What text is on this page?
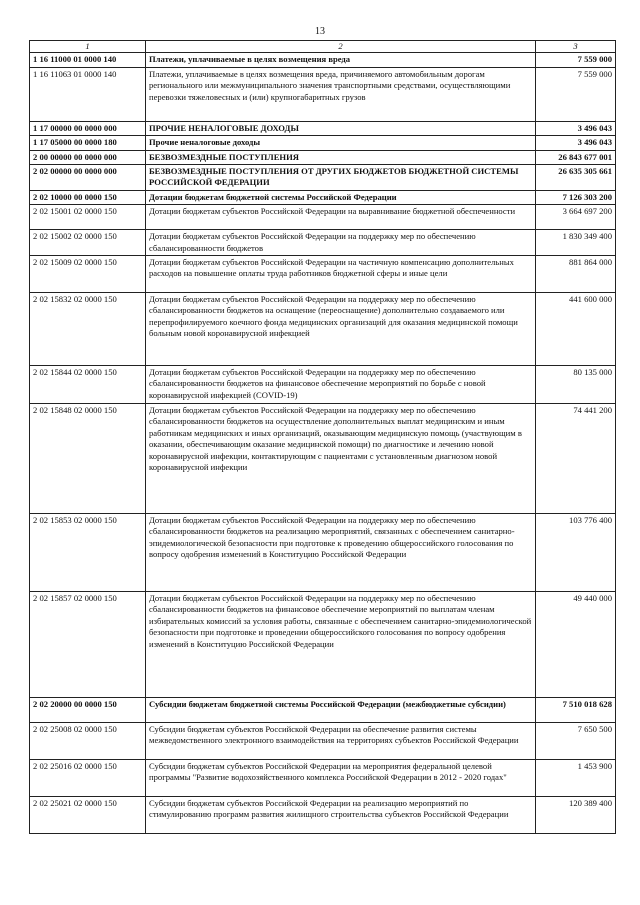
13
1	2	3
1 16 11000 01 0000 140	Платежи, уплачиваемые в целях возмещения вреда	7 559 000
1 16 11063 01 0000 140	Платежи, уплачиваемые в целях возмещения вреда, причиняемого автомобильным дорогам регионального или межмуниципального значения транспортными средствами, осуществляющими перевозки тяжеловесных и (или) крупногабаритных грузов	7 559 000
1 17 00000 00 0000 000	ПРОЧИЕ НЕНАЛОГОВЫЕ ДОХОДЫ	3 496 043
1 17 05000 00 0000 180	Прочие неналоговые доходы	3 496 043
2 00 00000 00 0000 000	БЕЗВОЗМЕЗДНЫЕ ПОСТУПЛЕНИЯ	26 843 677 001
2 02 00000 00 0000 000	БЕЗВОЗМЕЗДНЫЕ ПОСТУПЛЕНИЯ ОТ ДРУГИХ БЮДЖЕТОВ БЮДЖЕТНОЙ СИСТЕМЫ РОССИЙСКОЙ ФЕДЕРАЦИИ	26 635 305 661
2 02 10000 00 0000 150	Дотации бюджетам бюджетной системы Российской Федерации	7 126 303 200
2 02 15001 02 0000 150	Дотации бюджетам субъектов Российской Федерации на выравнивание бюджетной обеспеченности	3 664 697 200
2 02 15002 02 0000 150	Дотации бюджетам субъектов Российской Федерации на поддержку мер по обеспечению сбалансированности бюджетов	1 830 349 400
2 02 15009 02 0000 150	Дотации бюджетам субъектов Российской Федерации на частичную компенсацию дополнительных расходов на повышение оплаты труда работников бюджетной сферы и иные цели	881 864 000
2 02 15832 02 0000 150	Дотации бюджетам субъектов Российской Федерации на поддержку мер по обеспечению сбалансированности бюджетов на оснащение (переоснащение) дополнительно создаваемого или перепрофилируемого коечного фонда медицинских организаций для оказания медицинской помощи больным новой коронавирусной инфекцией	441 600 000
2 02 15844 02 0000 150	Дотации бюджетам субъектов Российской Федерации на поддержку мер по обеспечению сбалансированности бюджетов на финансовое обеспечение мероприятий по борьбе с новой коронавирусной инфекцией (COVID-19)	80 135 000
2 02 15848 02 0000 150	Дотации бюджетам субъектов Российской Федерации на поддержку мер по обеспечению сбалансированности бюджетов на осуществление дополнительных выплат медицинским и иным работникам медицинских и иных организаций, оказывающим медицинскую помощь (участвующим в оказании, обеспечивающим оказание медицинской помощи) по диагностике и лечению новой коронавирусной инфекции, контактирующим с пациентами с установленным диагнозом новой коронавирусной инфекции	74 441 200
2 02 15853 02 0000 150	Дотации бюджетам субъектов Российской Федерации на поддержку мер по обеспечению сбалансированности бюджетов на реализацию мероприятий, связанных с обеспечением санитарно-эпидемиологической безопасности при подготовке к проведению общероссийского голосования по вопросу одобрения изменений в Конституцию Российской Федерации	103 776 400
2 02 15857 02 0000 150	Дотации бюджетам субъектов Российской Федерации на поддержку мер по обеспечению сбалансированности бюджетов на финансовое обеспечение мероприятий по выплатам членам избирательных комиссий за условия работы, связанные с обеспечением санитарно-эпидемиологической безопасности при подготовке и проведении общероссийского голосования по вопросу одобрения изменений в Конституцию Российской Федерации	49 440 000
2 02 20000 00 0000 150	Субсидии бюджетам бюджетной системы Российской Федерации (межбюджетные субсидии)	7 510 018 628
2 02 25008 02 0000 150	Субсидии бюджетам субъектов Российской Федерации на обеспечение развития системы межведомственного электронного взаимодействия на территориях субъектов Российской Федерации	7 650 500
2 02 25016 02 0000 150	Субсидии бюджетам субъектов Российской Федерации на мероприятия федеральной целевой программы "Развитие водохозяйственного комплекса Российской Федерации в 2012 - 2020 годах"	1 453 900
2 02 25021 02 0000 150	Субсидии бюджетам субъектов Российской Федерации на реализацию мероприятий по стимулированию программ развития жилищного строительства субъектов Российской Федерации	120 389 400
